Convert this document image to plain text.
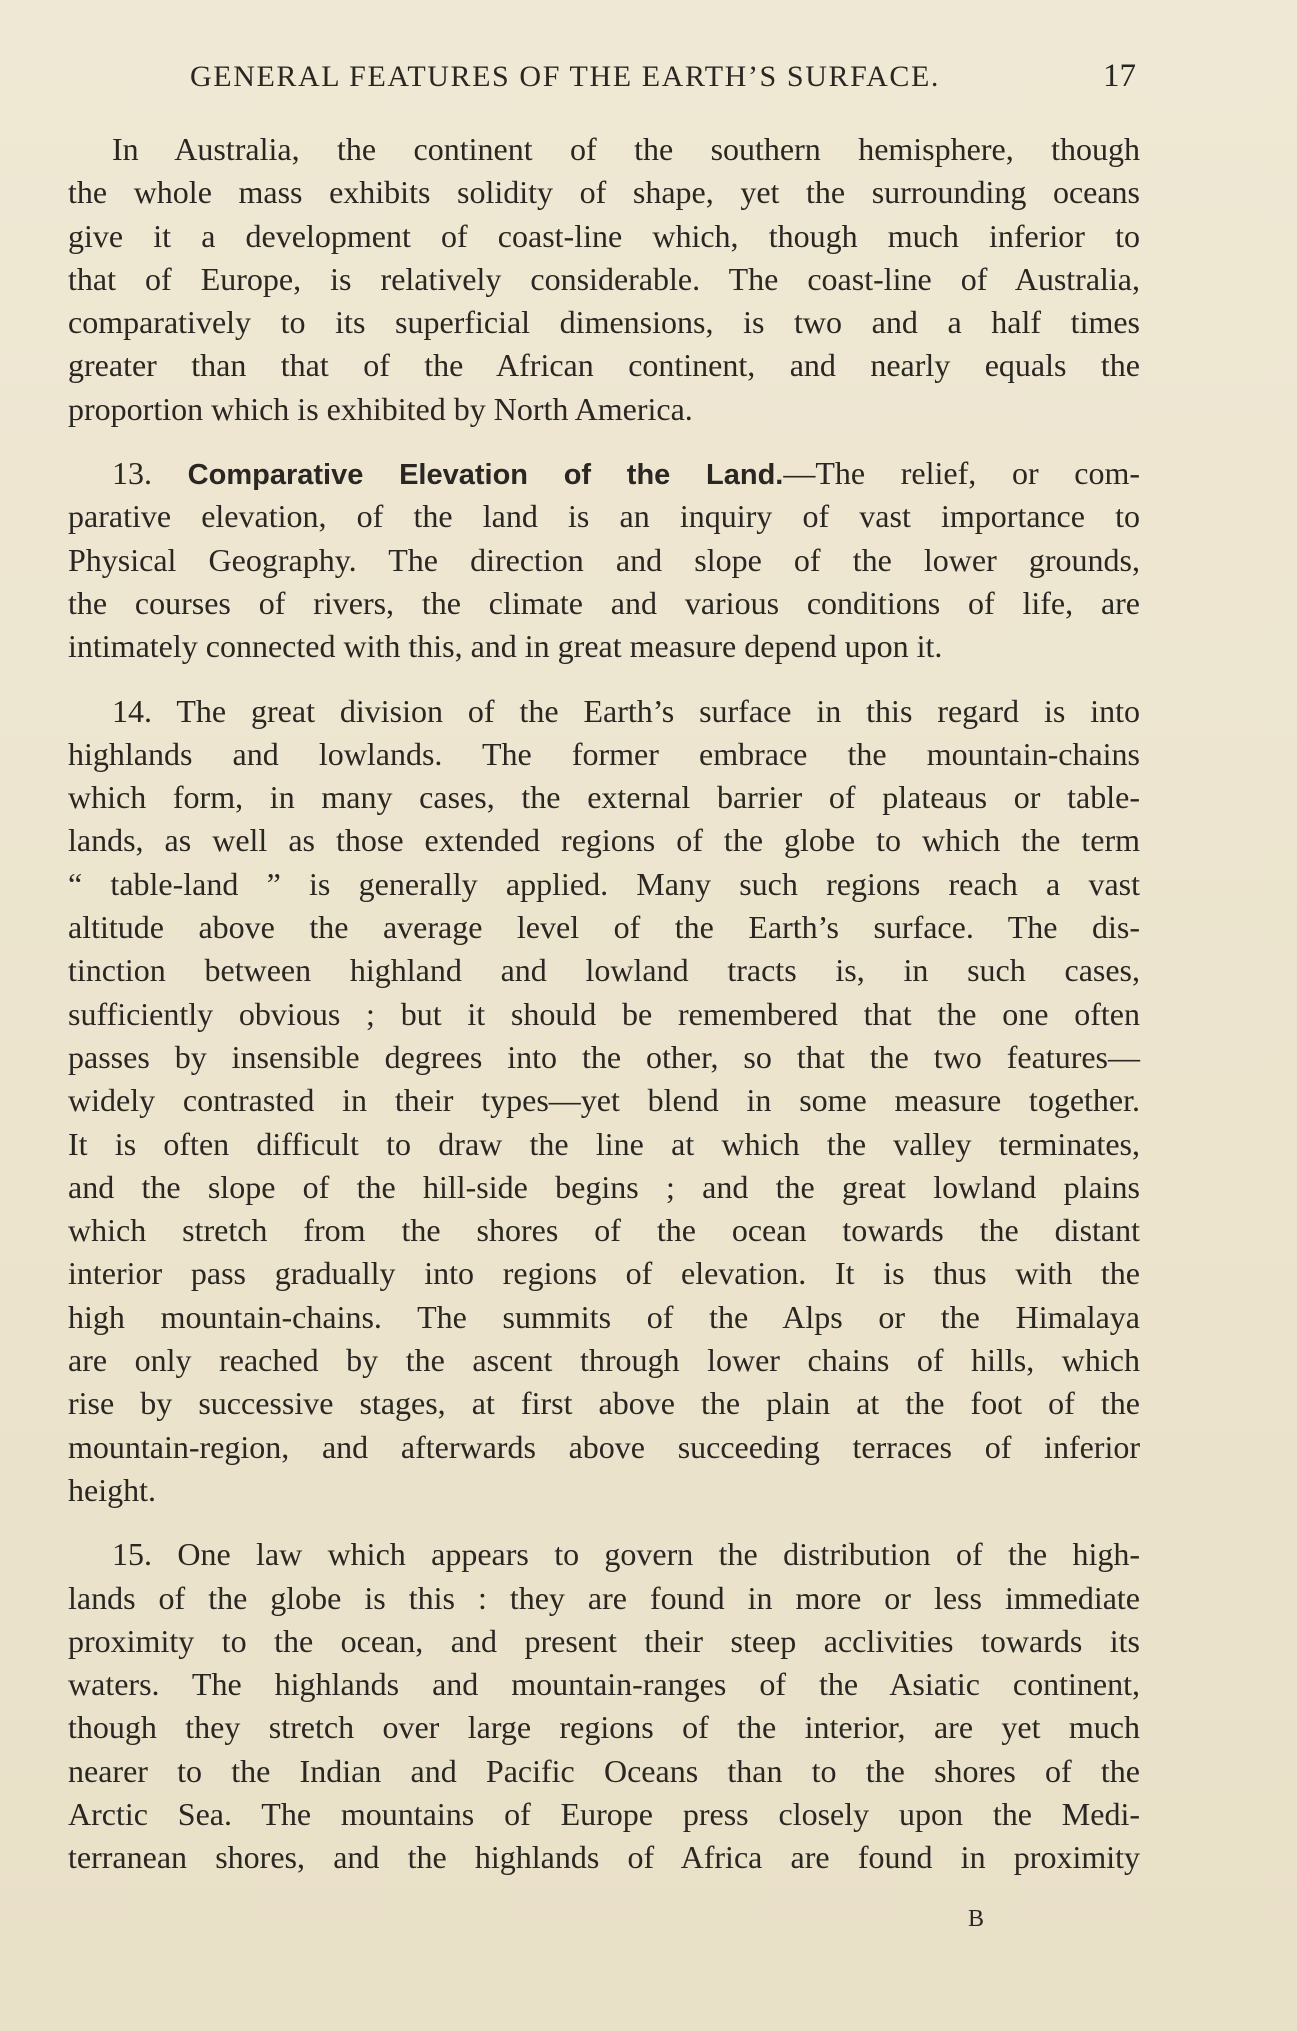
GENERAL FEATURES OF THE EARTH’S SURFACE.	17
In Australia, the continent of the southern hemisphere, though
the whole mass exhibits solidity of shape, yet the surrounding oceans
give it a development of coast-line which, though much inferior to
that of Europe, is relatively considerable. The coast-line of Australia,
comparatively to its superficial dimensions, is two and a half times
greater than that of the African continent, and nearly equals the
proportion which is exhibited by North America.
13. Comparative Elevation of the Land.—The relief, or com-
parative elevation, of the land is an inquiry of vast importance to
Physical Geography. The direction and slope of the lower grounds,
the courses of rivers, the climate and various conditions of life, are
intimately connected with this, and in great measure depend upon it.
14. The great division of the Earth’s surface in this regard is into
highlands and lowlands. The former embrace the mountain-chains
which form, in many cases, the external barrier of plateaus or table-
lands, as well as those extended regions of the globe to which the term
“ table-land ” is generally applied. Many such regions reach a vast
altitude above the average level of the Earth’s surface. The dis-
tinction between highland and lowland tracts is, in such cases,
sufficiently obvious ; but it should be remembered that the one often
passes by insensible degrees into the other, so that the two features—
widely contrasted in their types—yet blend in some measure together.
It is often difficult to draw the line at which the valley terminates,
and the slope of the hill-side begins ; and the great lowland plains
which stretch from the shores of the ocean towards the distant
interior pass gradually into regions of elevation. It is thus with the
high mountain-chains. The summits of the Alps or the Himalaya
are only reached by the ascent through lower chains of hills, which
rise by successive stages, at first above the plain at the foot of the
mountain-region, and afterwards above succeeding terraces of inferior
height.
15. One law which appears to govern the distribution of the high-
lands of the globe is this : they are found in more or less immediate
proximity to the ocean, and present their steep acclivities towards its
waters. The highlands and mountain-ranges of the Asiatic continent,
though they stretch over large regions of the interior, are yet much
nearer to the Indian and Pacific Oceans than to the shores of the
Arctic Sea. The mountains of Europe press closely upon the Medi-
terranean shores, and the highlands of Africa are found in proximity
B
